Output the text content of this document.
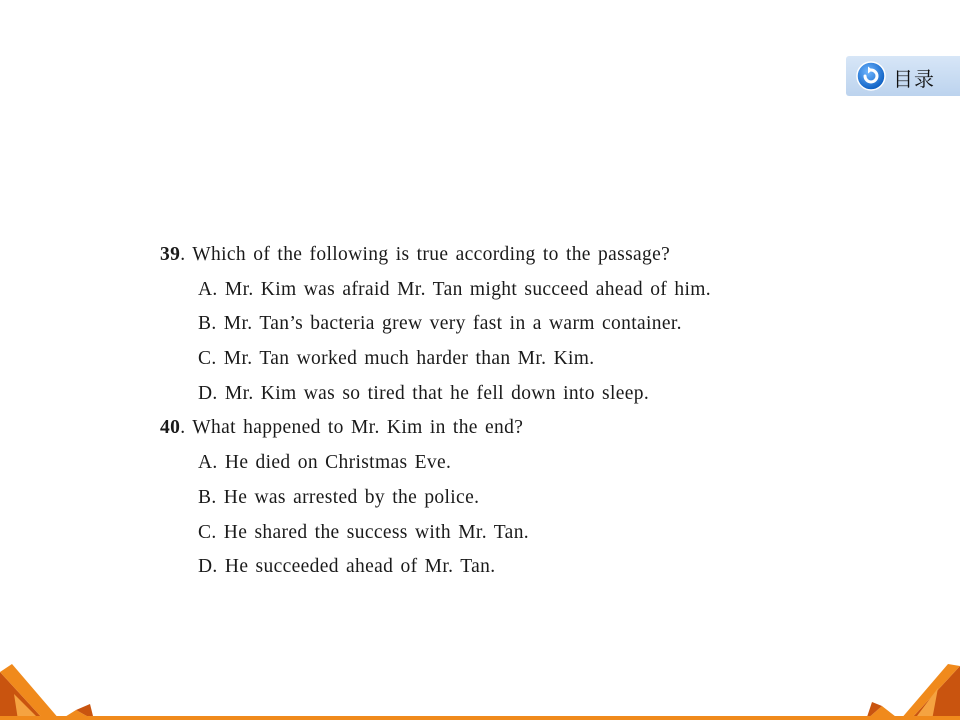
目录
39. Which of the following is true according to the passage?
A. Mr. Kim was afraid Mr. Tan might succeed ahead of him.
B. Mr. Tan’s bacteria grew very fast in a warm container.
C. Mr. Tan worked much harder than Mr. Kim.
D. Mr. Kim was so tired that he fell down into sleep.
40. What happened to Mr. Kim in the end?
A. He died on Christmas Eve.
B. He was arrested by the police.
C. He shared the success with Mr. Tan.
D. He succeeded ahead of Mr. Tan.
